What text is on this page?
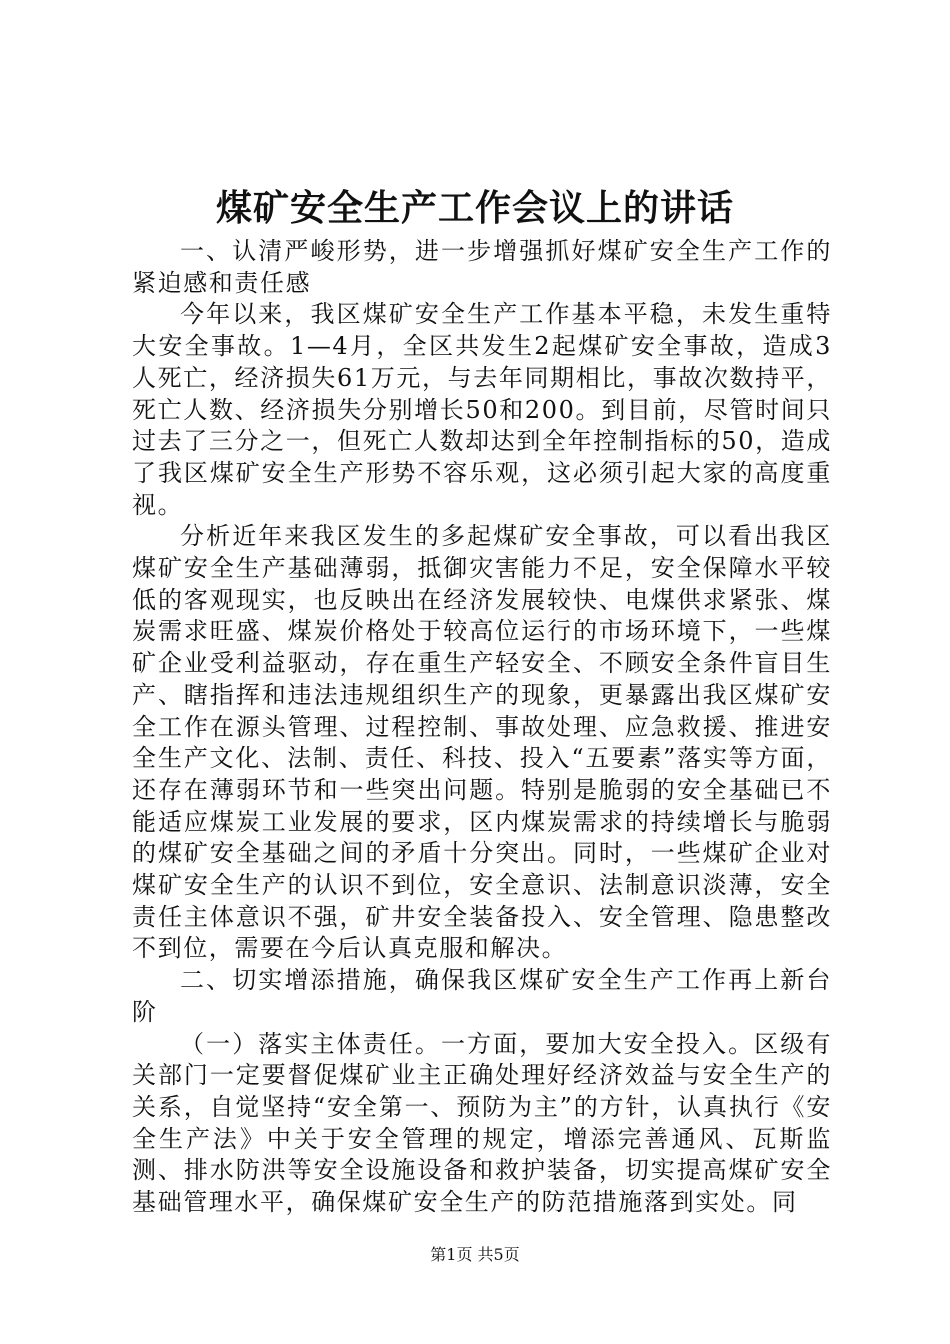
煤矿安全生产工作会议上的讲话

一、认清严峻形势，进一步增强抓好煤矿安全生产工作的紧迫感和责任感

今年以来，我区煤矿安全生产工作基本平稳，未发生重特大安全事故。1—4月，全区共发生2起煤矿安全事故，造成3人死亡，经济损失61万元，与去年同期相比，事故次数持平，死亡人数、经济损失分别增长50和200。到目前，尽管时间只过去了三分之一，但死亡人数却达到全年控制指标的50，造成了我区煤矿安全生产形势不容乐观，这必须引起大家的高度重视。

分析近年来我区发生的多起煤矿安全事故，可以看出我区煤矿安全生产基础薄弱，抵御灾害能力不足，安全保障水平较低的客观现实，也反映出在经济发展较快、电煤供求紧张、煤炭需求旺盛、煤炭价格处于较高位运行的市场环境下，一些煤矿企业受利益驱动，存在重生产轻安全、不顾安全条件盲目生产、瞎指挥和违法违规组织生产的现象，更暴露出我区煤矿安全工作在源头管理、过程控制、事故处理、应急救援、推进安全生产文化、法制、责任、科技、投入“五要素”落实等方面，还存在薄弱环节和一些突出问题。特别是脆弱的安全基础已不能适应煤炭工业发展的要求，区内煤炭需求的持续增长与脆弱的煤矿安全基础之间的矛盾十分突出。同时，一些煤矿企业对煤矿安全生产的认识不到位，安全意识、法制意识淡薄，安全责任主体意识不强，矿井安全装备投入、安全管理、隐患整改不到位，需要在今后认真克服和解决。

二、切实增添措施，确保我区煤矿安全生产工作再上新台阶

（一）落实主体责任。一方面，要加大安全投入。区级有关部门一定要督促煤矿业主正确处理好经济效益与安全生产的关系，自觉坚持“安全第一、预防为主”的方针，认真执行《安全生产法》中关于安全管理的规定，增添完善通风、瓦斯监测、排水防洪等安全设施设备和救护装备，切实提高煤矿安全基础管理水平，确保煤矿安全生产的防范措施落到实处。同

第1页 共5页
